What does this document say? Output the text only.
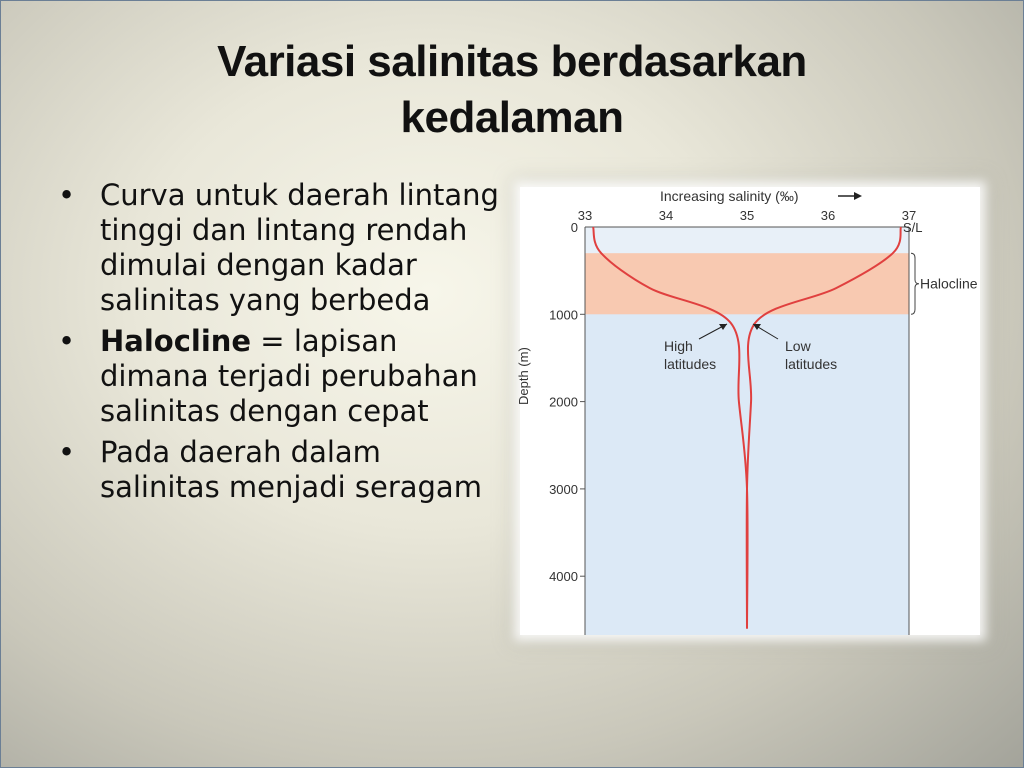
Variasi salinitas berdasarkan
kedalaman
• Curva untuk daerah lintang tinggi dan lintang rendah dimulai dengan kadar salinitas yang berbeda
• Halocline = lapisan dimana terjadi perubahan salinitas dengan cepat
• Pada daerah dalam salinitas menjadi seragam
Increasing salinity (‰)
33	34	35	36	37
0
1000
2000
3000
4000
S/L
Depth (m)
Halocline
High
latitudes
Low
latitudes
